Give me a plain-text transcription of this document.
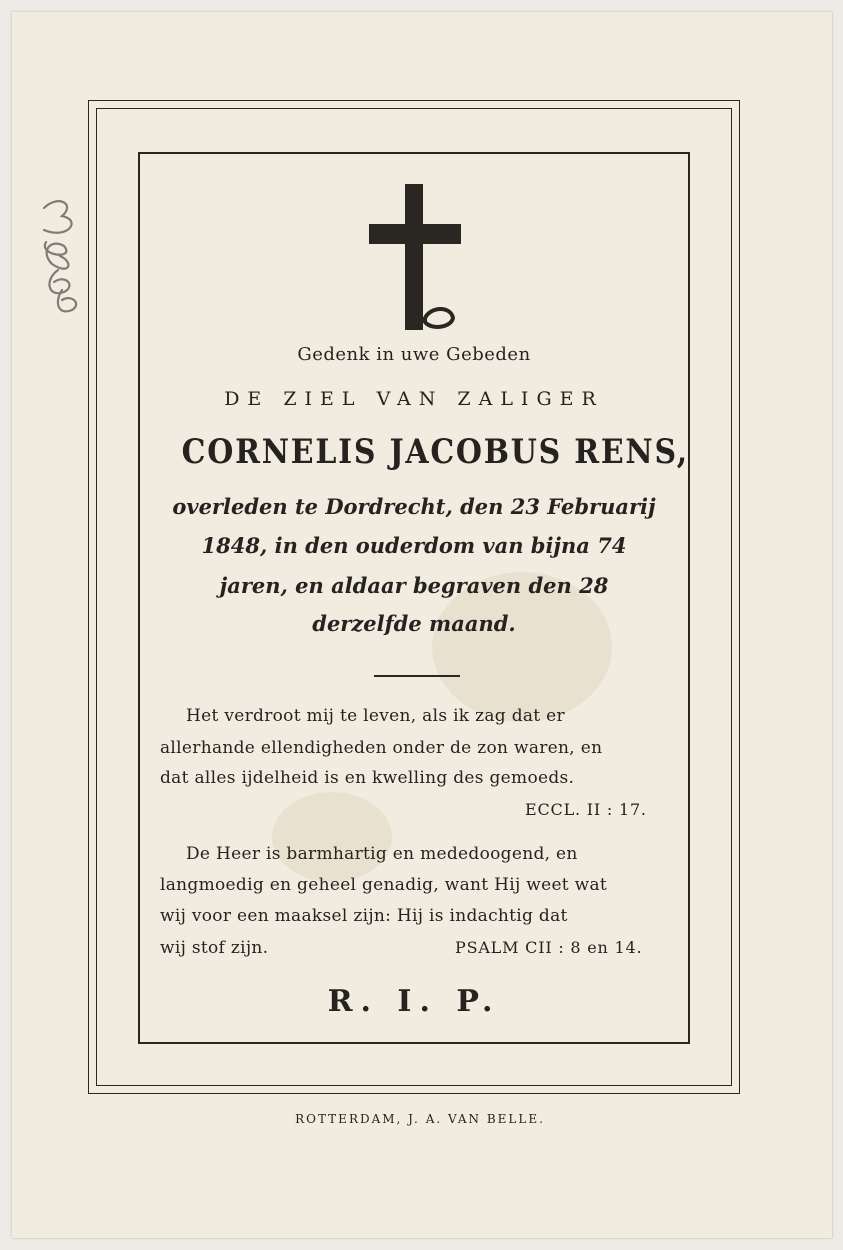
Gedenk in uwe Gebeden
DE ZIEL VAN ZALIGER
CORNELIS JACOBUS RENS,
overleden te Dordrecht, den 23 Februarij
1848, in den ouderdom van bijna 74
jaren, en aldaar begraven den 28
derzelfde maand.
Het verdroot mij te leven, als ik zag dat er
allerhande ellendigheden onder de zon waren, en
dat alles ijdelheid is en kwelling des gemoeds.
ECCL. II : 17.
De Heer is barmhartig en mededoogend, en
langmoedig en geheel genadig, want Hij weet wat
wij voor een maaksel zijn: Hij is indachtig dat
wij stof zijn.	PSALM CII : 8 en 14.
R. I. P.
ROTTERDAM, J. A. VAN BELLE.
